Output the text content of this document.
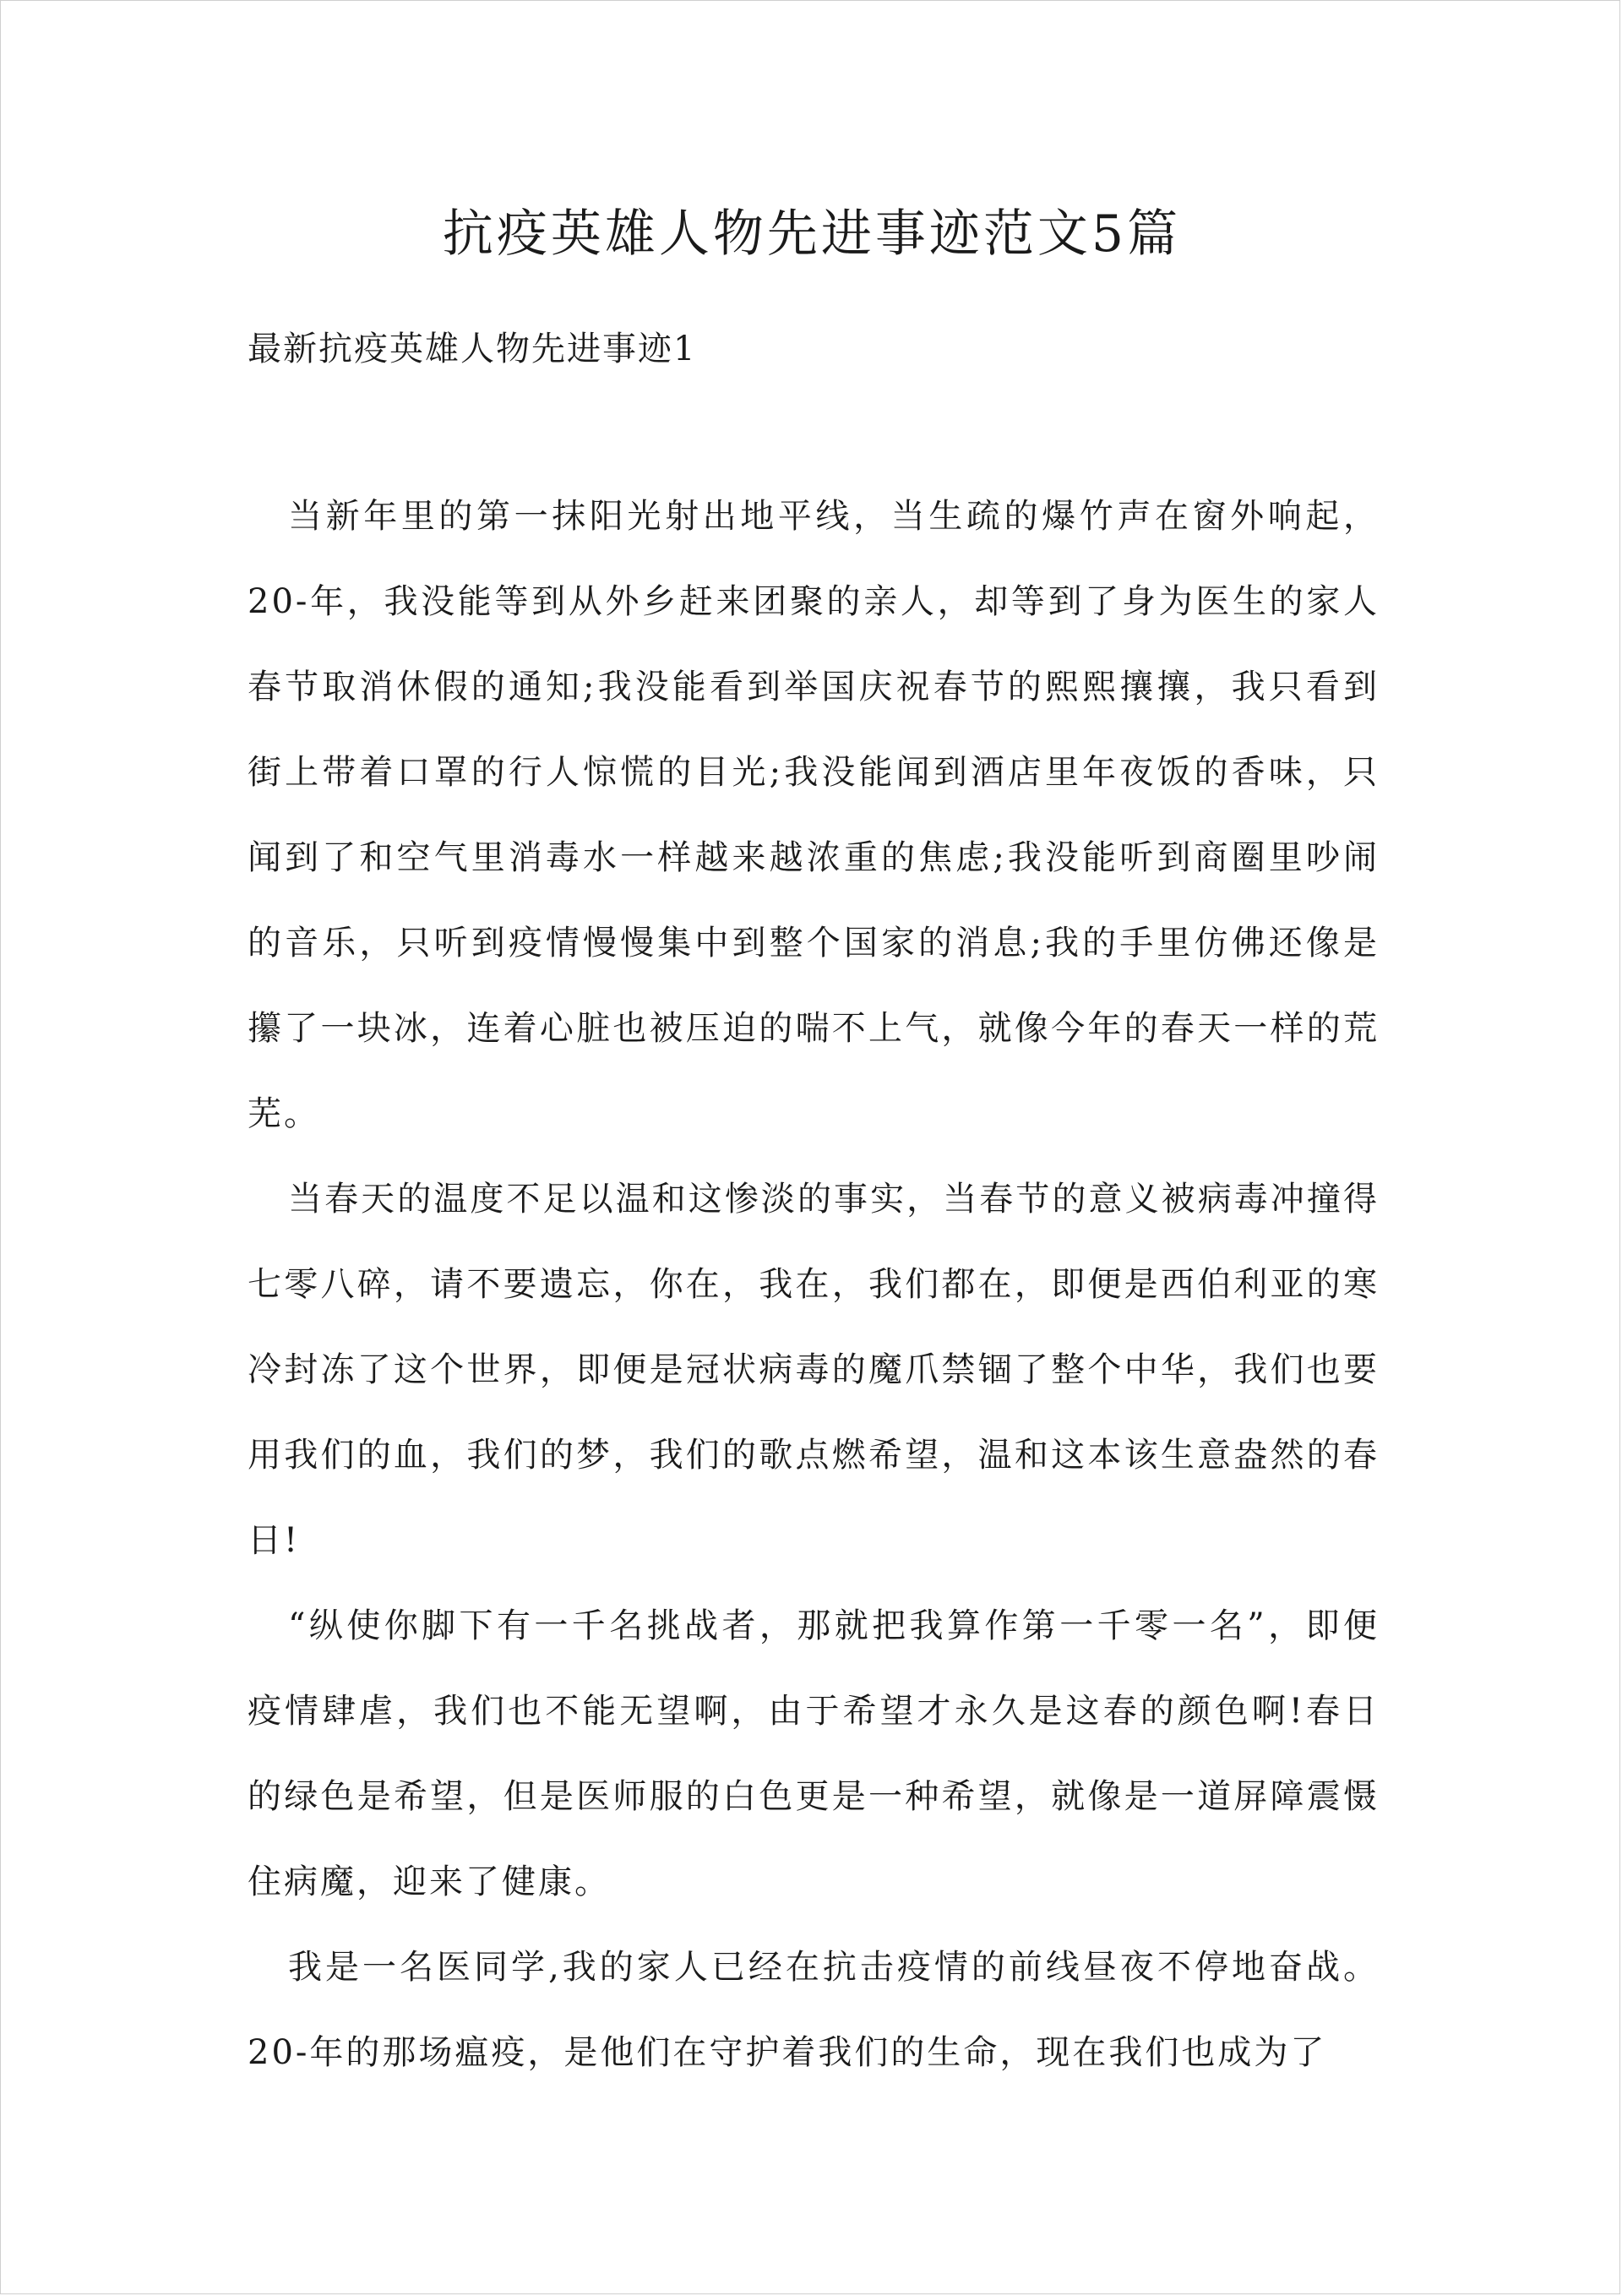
抗疫英雄人物先进事迹范文5篇
最新抗疫英雄人物先进事迹1

当新年里的第一抹阳光射出地平线，当生疏的爆竹声在窗外响起，20-年，我没能等到从外乡赶来团聚的亲人，却等到了身为医生的家人春节取消休假的通知;我没能看到举国庆祝春节的熙熙攘攘，我只看到街上带着口罩的行人惊慌的目光;我没能闻到酒店里年夜饭的香味，只闻到了和空气里消毒水一样越来越浓重的焦虑;我没能听到商圈里吵闹的音乐，只听到疫情慢慢集中到整个国家的消息;我的手里仿佛还像是攥了一块冰，连着心脏也被压迫的喘不上气，就像今年的春天一样的荒芜。

当春天的温度不足以温和这惨淡的事实，当春节的意义被病毒冲撞得七零八碎，请不要遗忘，你在，我在，我们都在，即便是西伯利亚的寒冷封冻了这个世界，即便是冠状病毒的魔爪禁锢了整个中华，我们也要用我们的血，我们的梦，我们的歌点燃希望，温和这本该生意盎然的春日!

“纵使你脚下有一千名挑战者，那就把我算作第一千零一名”，即便疫情肆虐，我们也不能无望啊，由于希望才永久是这春的颜色啊!春日的绿色是希望，但是医师服的白色更是一种希望，就像是一道屏障震慑住病魔，迎来了健康。

我是一名医同学,我的家人已经在抗击疫情的前线昼夜不停地奋战。20-年的那场瘟疫，是他们在守护着我们的生命，现在我们也成为了
